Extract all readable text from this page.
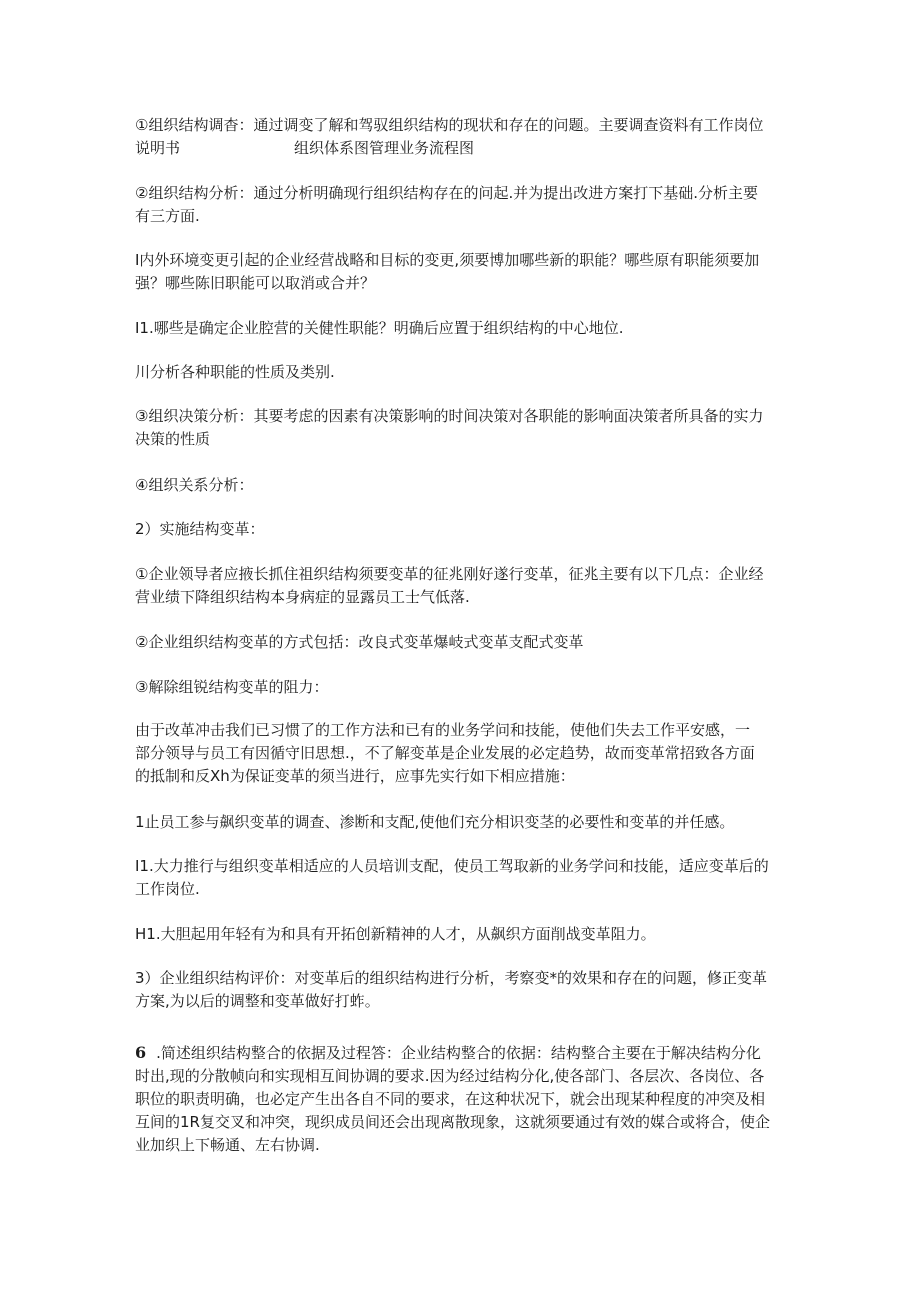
①组织结构调杳：通过调变了解和驾驭组织结构的现状和存在的问题。主要调查资料有工作岗位
说明书	组织体系图管理业务流程图
②组织结构分析：通过分析明确现行组织结构存在的问起.并为提出改进方案打下基础.分析主要
有三方面.
I内外环境变更引起的企业经营战略和目标的变更,须要博加哪些新的职能？哪些原有职能须要加
强？哪些陈旧职能可以取消或合并？
I1.哪些是确定企业腔营的关健性职能？明确后应置于组织结构的中心地位.
川分析各种职能的性质及类别.
③组织决策分析：其要考虑的因素有决策影响的时间决策对各职能的影响面决策者所具备的实力
决策的性质
④组织关系分析：
2）实施结构变革：
①企业领导者应掖长抓住祖织结构须要变革的征兆刚好遂行变革，征兆主要有以下几点：企业经
营业绩下降组织结构本身病症的显露员工士气低落.
②企业组织结构变革的方式包括：改良式变革爆岐式变革支配式变革
③解除组锐结构变革的阻力：
由于改革冲击我们已习惯了的工作方法和已有的业务学问和技能，使他们失去工作平安感，一
部分领导与员工有因循守旧思想.，不了解变革是企业发展的必定趋势，故而变革常招致各方面
的抵制和反Xh为保证变革的须当进行，应事先实行如下相应措施：
1止员工参与飙织变革的调查、渗断和支配,使他们充分相识变茎的必要性和变革的并任感。
I1.大力推行与组织变革相适应的人员培训支配，使员工驾取新的业务学问和技能，适应变革后的
工作岗位.
H1.大胆起用年轻有为和具有开拓创新精神的人才，从飙织方面削战变革阻力。
3）企业组织结构评价：对变革后的组织结构进行分析，考察变*的效果和存在的问题，修正变革
方案,为以后的调整和变革做好打蚱。
6 .简述组织结构整合的依据及过程答：企业结构整合的依据：结构整合主要在于解决结构分化
时出,现的分散帧向和实现相互间协调的要求.因为经过结构分化,使各部门、各层次、各岗位、各
职位的职责明确，也必定产生出各自不同的要求，在这种状况下，就会出现某种程度的冲突及相
互间的1R复交叉和冲突，现织成员间还会出现离散现象，这就须要通过有效的媒合或将合，使企
业加织上下畅通、左右协调.
